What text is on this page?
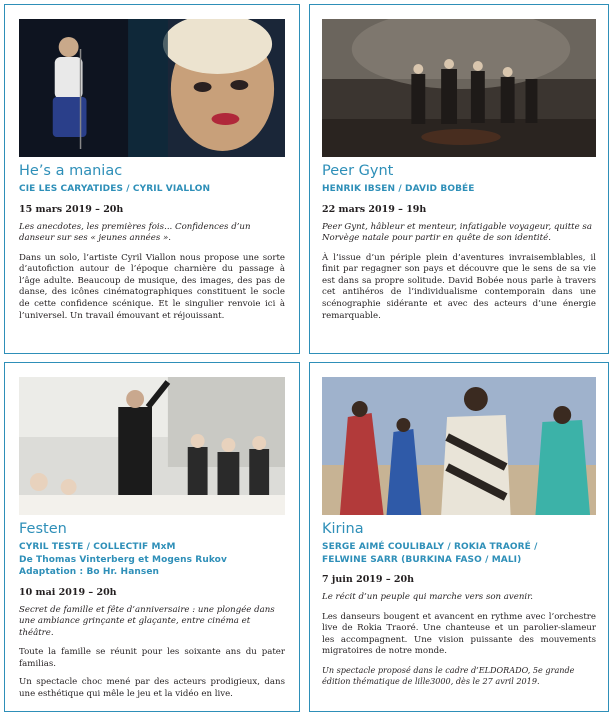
He’s a maniac
CIE LES CARYATIDES / CYRIL VIALLON
15 mars 2019 – 20h

Les anecdotes, les premières fois... Confidences d’un danseur sur ses « jeunes années ».

Dans un solo, l’artiste Cyril Viallon nous propose une sorte d’autofiction autour de l’époque charnière du passage à l’âge adulte. Beaucoup de musique, des images, des pas de danse, des icônes cinématographiques constituent le socle de cette confidence scénique. Et le singulier renvoie ici à l’universel. Un travail émouvant et réjouissant.

Peer Gynt
HENRIK IBSEN / DAVID BOBÉE
22 mars 2019 – 19h

Peer Gynt, hâbleur et menteur, infatigable voyageur, quitte sa Norvège natale pour partir en quête de son identité.

À l’issue d’un périple plein d’aventures invraisemblables, il finit par regagner son pays et découvre que le sens de sa vie est dans sa propre solitude. David Bobée nous parle à travers cet antihéros de l’individualisme contemporain dans une scénographie sidérante et avec des acteurs d’une énergie remarquable.

Festen
CYRIL TESTE / COLLECTIF MxM
De Thomas Vinterberg et Mogens Rukov
Adaptation : Bo Hr. Hansen
10 mai 2019 – 20h

Secret de famille et fête d’anniversaire : une plongée dans une ambiance grinçante et glaçante, entre cinéma et théâtre.

Toute la famille se réunit pour les soixante ans du pater familias.

Un spectacle choc mené par des acteurs prodigieux, dans une esthétique qui mêle le jeu et la vidéo en live.

Kirina
SERGE AIMÉ COULIBALY / ROKIA TRAORÉ /
FELWINE SARR (BURKINA FASO / MALI)
7 juin 2019 – 20h

Le récit d’un peuple qui marche vers son avenir.

Les danseurs bougent et avancent en rythme avec l’orchestre live de Rokia Traoré. Une chanteuse et un parolier-slameur les accompagnent. Une vision puissante des mouvements migratoires de notre monde.

Un spectacle proposé dans le cadre d’ELDORADO, 5e grande édition thématique de lille3000, dès le 27 avril 2019.
